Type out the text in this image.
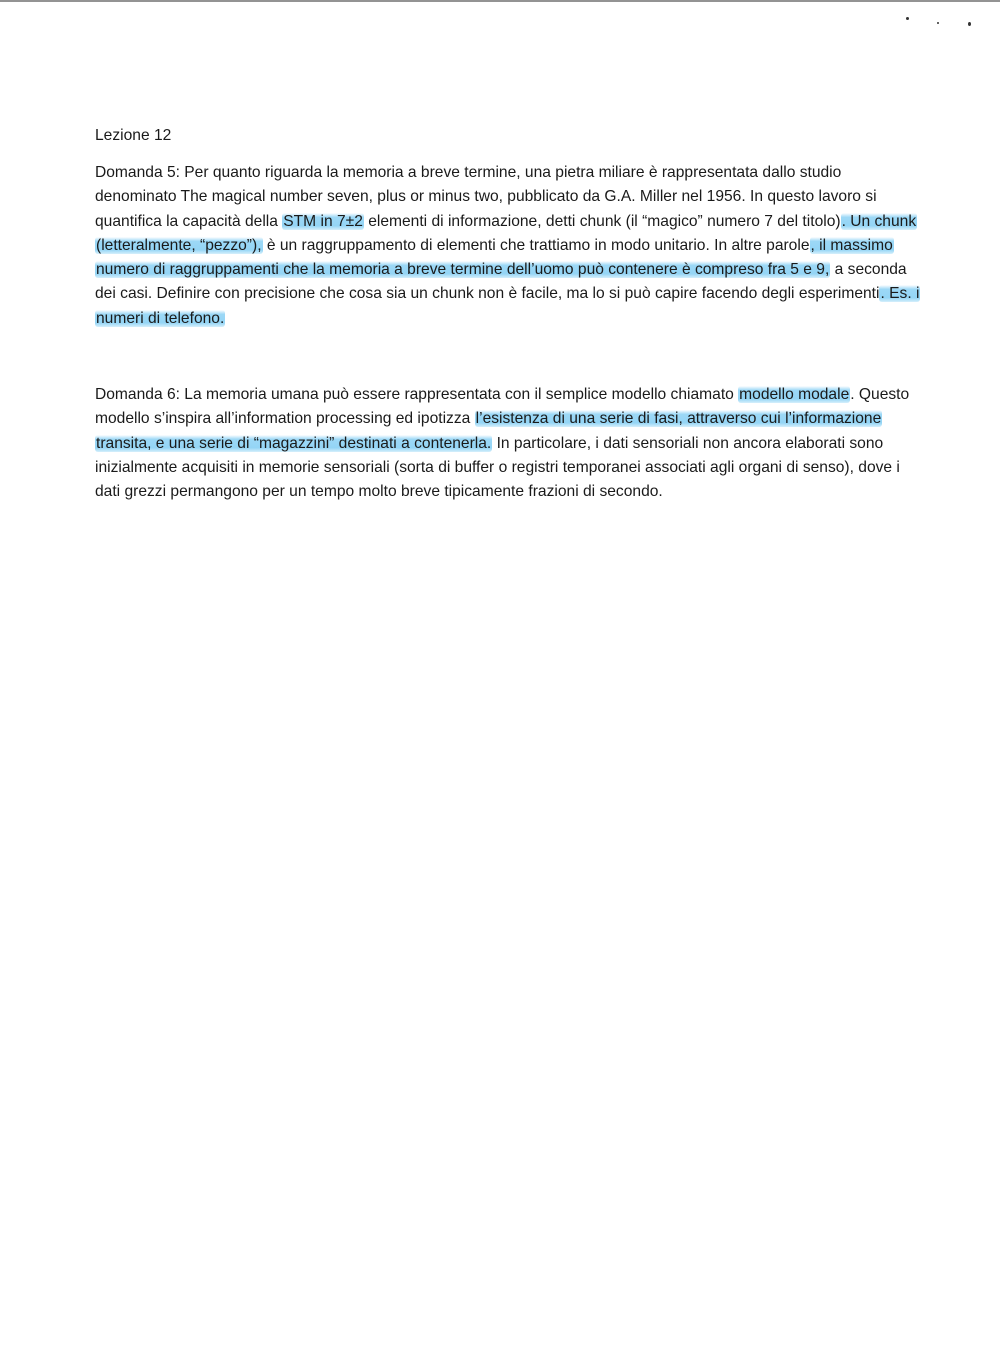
Lezione 12

Domanda 5: Per quanto riguarda la memoria a breve termine, una pietra miliare è rappresentata dallo studio denominato The magical number seven, plus or minus two, pubblicato da G.A. Miller nel 1956. In questo lavoro si quantifica la capacità della STM in 7±2 elementi di informazione, detti chunk (il “magico” numero 7 del titolo). Un chunk (letteralmente, “pezzo”), è un raggruppamento di elementi che trattiamo in modo unitario. In altre parole, il massimo numero di raggruppamenti che la memoria a breve termine dell’uomo può contenere è compreso fra 5 e 9, a seconda dei casi. Definire con precisione che cosa sia un chunk non è facile, ma lo si può capire facendo degli esperimenti. Es. i numeri di telefono.

Domanda 6: La memoria umana può essere rappresentata con il semplice modello chiamato modello modale. Questo modello s’inspira all’information processing ed ipotizza l’esistenza di una serie di fasi, attraverso cui l’informazione transita, e una serie di “magazzini” destinati a contenerla. In particolare, i dati sensoriali non ancora elaborati sono inizialmente acquisiti in memorie sensoriali (sorta di buffer o registri temporanei associati agli organi di senso), dove i dati grezzi permangono per un tempo molto breve tipicamente frazioni di secondo.
